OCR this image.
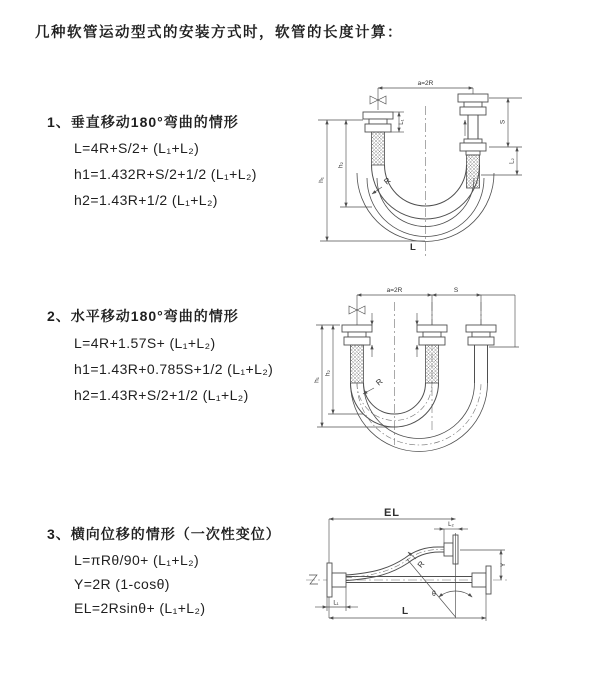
几种软管运动型式的安装方式时，软管的长度计算：
1、垂直移动180°弯曲的情形
L=4R+S/2+ (L₁+L₂)
h1=1.432R+S/2+1/2 (L₁+L₂)
h2=1.43R+1/2 (L₁+L₂)
2、水平移动180°弯曲的情形
L=4R+1.57S+ (L₁+L₂)
h1=1.43R+0.785S+1/2 (L₁+L₂)
h2=1.43R+S/2+1/2 (L₁+L₂)
3、横向位移的情形（一次性变位）
L=πRθ/90+ (L₁+L₂)
Y=2R (1-cosθ)
EL=2Rsinθ+ (L₁+L₂)
a=2R
h₁
h₂
L₁	S
L₂
R
L
a=2R	S
h₁
h₂
R
EL
L₂
θ
R	Y
L
L₁
